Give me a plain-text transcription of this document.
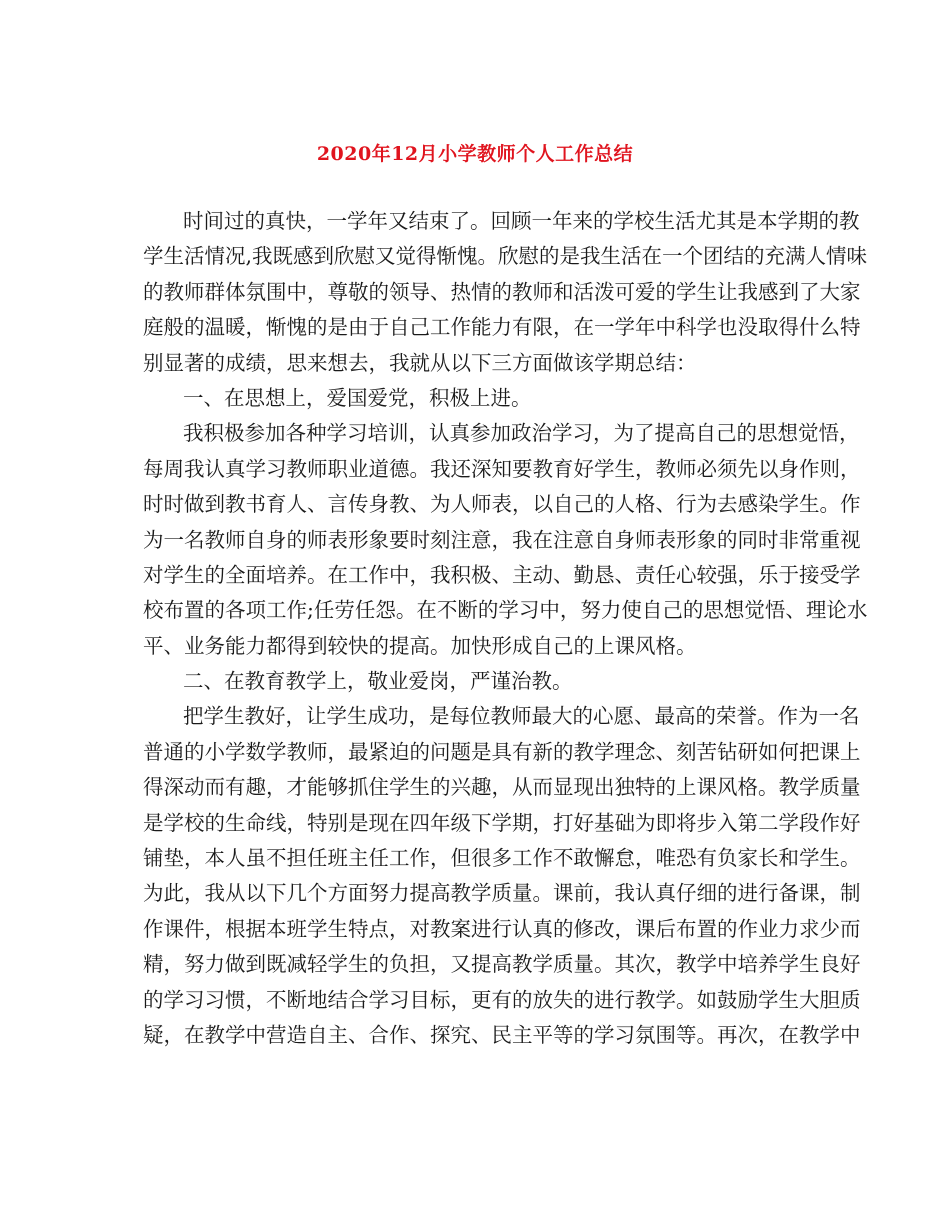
2020年12月小学教师个人工作总结
时间过的真快，一学年又结束了。回顾一年来的学校生活尤其是本学期的教
学生活情况,我既感到欣慰又觉得惭愧。欣慰的是我生活在一个团结的充满人情味
的教师群体氛围中，尊敬的领导、热情的教师和活泼可爱的学生让我感到了大家
庭般的温暖，惭愧的是由于自己工作能力有限，在一学年中科学也没取得什么特
别显著的成绩，思来想去，我就从以下三方面做该学期总结：
一、在思想上，爱国爱党，积极上进。
我积极参加各种学习培训，认真参加政治学习，为了提高自己的思想觉悟，
每周我认真学习教师职业道德。我还深知要教育好学生，教师必须先以身作则，
时时做到教书育人、言传身教、为人师表，以自己的人格、行为去感染学生。作
为一名教师自身的师表形象要时刻注意，我在注意自身师表形象的同时非常重视
对学生的全面培养。在工作中，我积极、主动、勤恳、责任心较强，乐于接受学
校布置的各项工作;任劳任怨。在不断的学习中，努力使自己的思想觉悟、理论水
平、业务能力都得到较快的提高。加快形成自己的上课风格。
二、在教育教学上，敬业爱岗，严谨治教。
把学生教好，让学生成功，是每位教师最大的心愿、最高的荣誉。作为一名
普通的小学数学教师，最紧迫的问题是具有新的教学理念、刻苦钻研如何把课上
得深动而有趣，才能够抓住学生的兴趣，从而显现出独特的上课风格。教学质量
是学校的生命线，特别是现在四年级下学期，打好基础为即将步入第二学段作好
铺垫，本人虽不担任班主任工作，但很多工作不敢懈怠，唯恐有负家长和学生。
为此，我从以下几个方面努力提高教学质量。课前，我认真仔细的进行备课，制
作课件，根据本班学生特点，对教案进行认真的修改，课后布置的作业力求少而
精，努力做到既减轻学生的负担，又提高教学质量。其次，教学中培养学生良好
的学习习惯，不断地结合学习目标，更有的放失的进行教学。如鼓励学生大胆质
疑，在教学中营造自主、合作、探究、民主平等的学习氛围等。再次，在教学中
